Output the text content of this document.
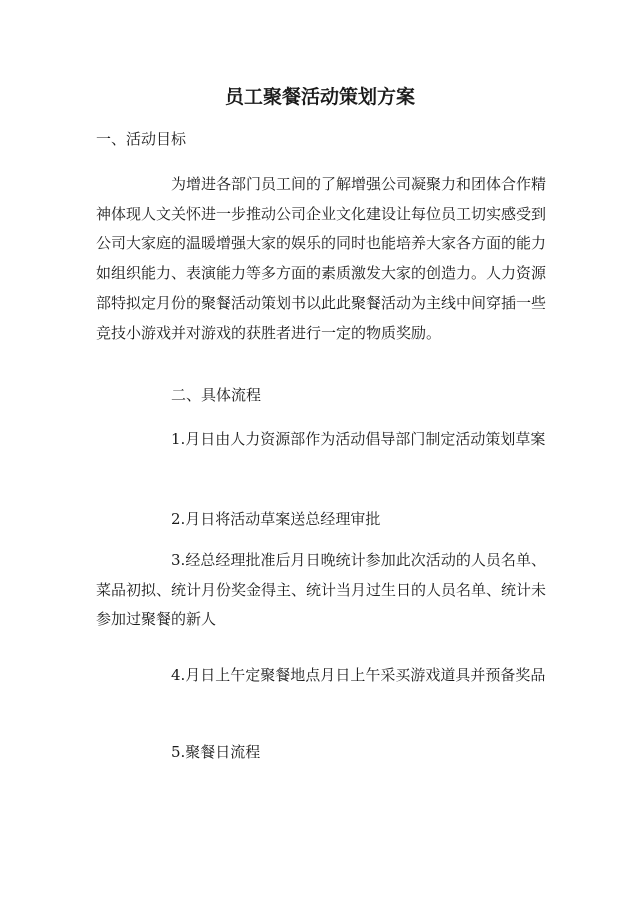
员工聚餐活动策划方案
一、活动目标

为增进各部门员工间的了解增强公司凝聚力和团体合作精神体现人文关怀进一步推动公司企业文化建设让每位员工切实感受到公司大家庭的温暖增强大家的娱乐的同时也能培养大家各方面的能力如组织能力、表演能力等多方面的素质激发大家的创造力。人力资源部特拟定月份的聚餐活动策划书以此此聚餐活动为主线中间穿插一些竞技小游戏并对游戏的获胜者进行一定的物质奖励。

二、具体流程

1.月日由人力资源部作为活动倡导部门制定活动策划草案

2.月日将活动草案送总经理审批

3.经总经理批准后月日晚统计参加此次活动的人员名单、菜品初拟、统计月份奖金得主、统计当月过生日的人员名单、统计未参加过聚餐的新人

4.月日上午定聚餐地点月日上午采买游戏道具并预备奖品

5.聚餐日流程
